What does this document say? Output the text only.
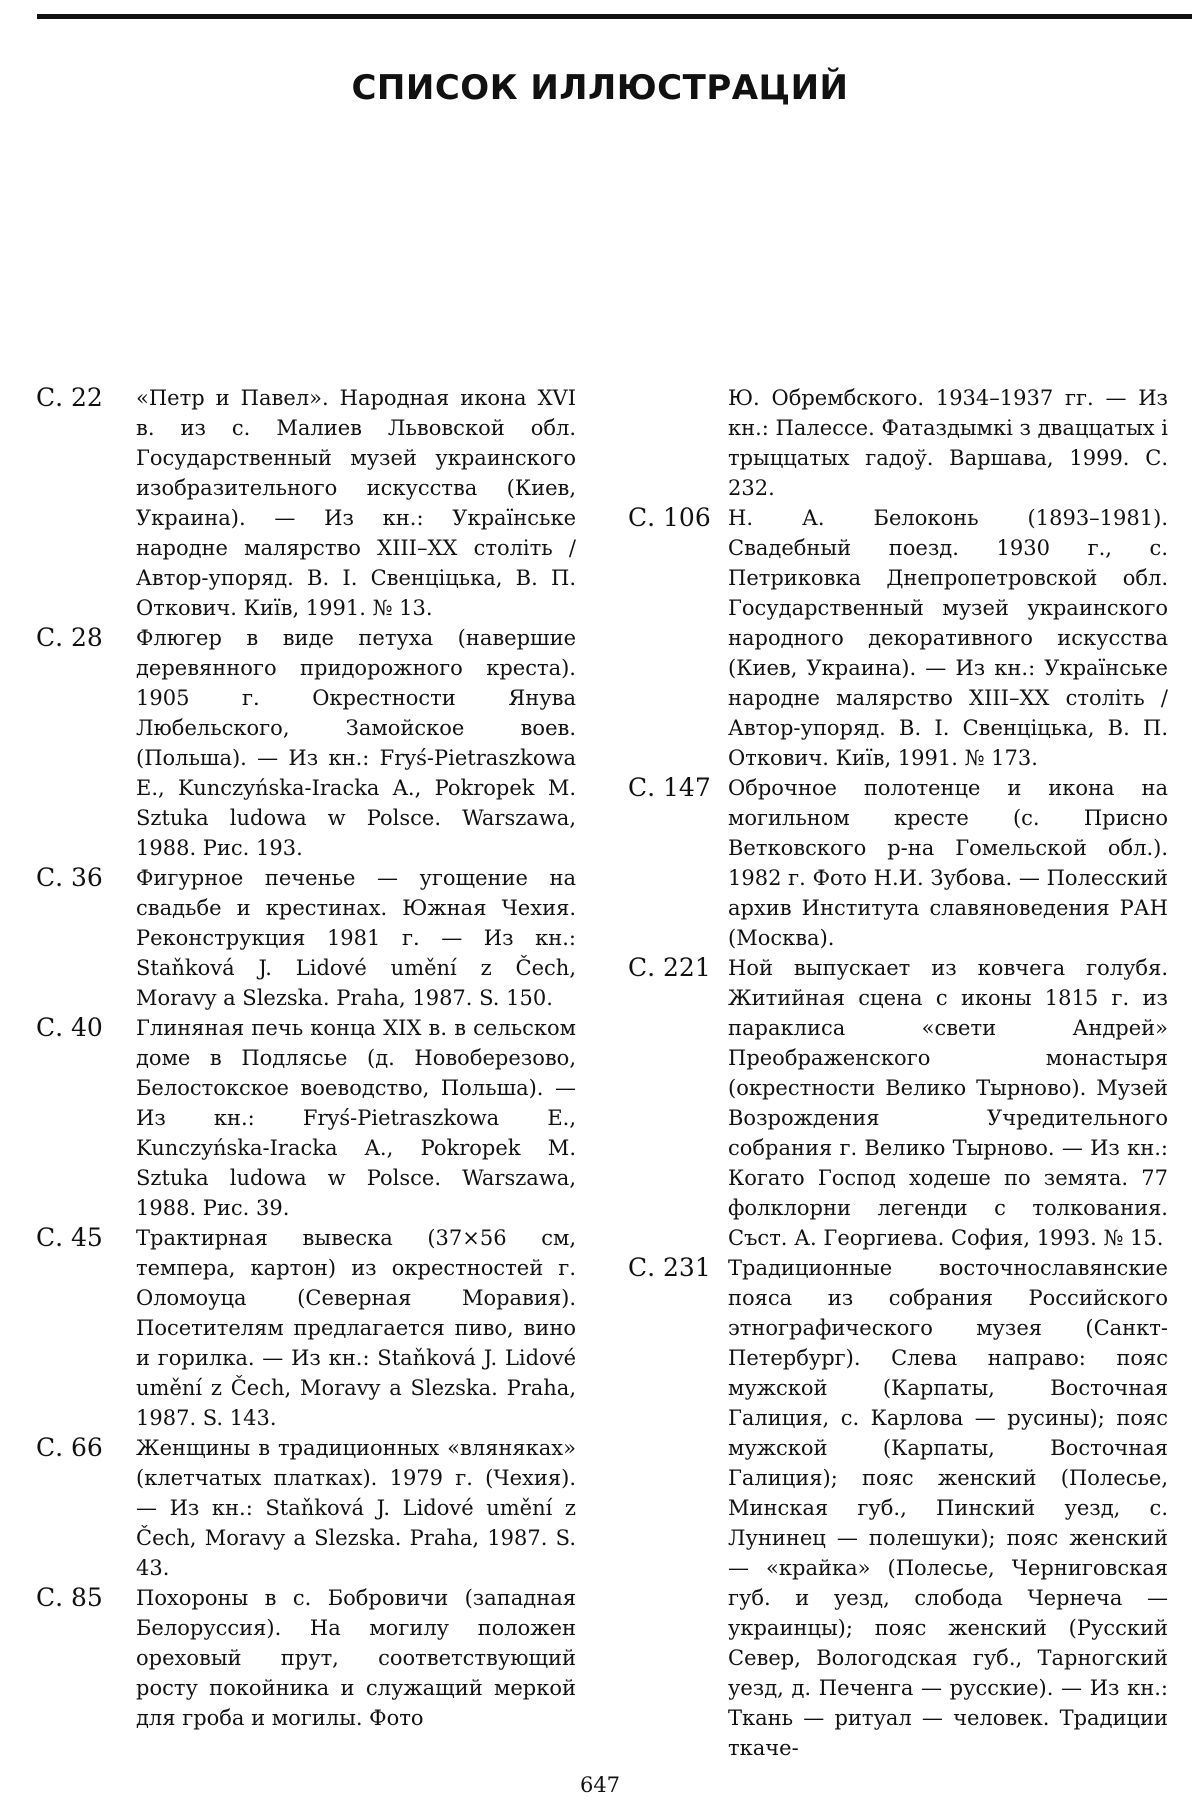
СПИСОК ИЛЛЮСТРАЦИЙ
С. 22	«Петр и Павел». Народная икона XVI в. из с. Малиев Львовской обл. Государственный музей украинского изобразительного искусства (Киев, Украина). — Из кн.: Українське народне малярство XIII–XX століть / Автор-упоряд. В. І. Свенціцька, В. П. Откович. Київ, 1991. № 13.
С. 28	Флюгер в виде петуха (навершие деревянного придорожного креста). 1905 г. Окрестности Янува Любельского, Замойское воев. (Польша). — Из кн.: Fryś-Pietraszkowa E., Kunczyńska-Iracka A., Pokropek M. Sztuka ludowa w Polsce. Warszawa, 1988. Рис. 193.
С. 36	Фигурное печенье — угощение на свадьбе и крестинах. Южная Чехия. Реконструкция 1981 г. — Из кн.: Staňková J. Lidové umění z Čech, Moravy a Slezska. Praha, 1987. S. 150.
С. 40	Глиняная печь конца XIX в. в сельском доме в Подлясье (д. Новоберезово, Белостокское воеводство, Польша). — Из кн.: Fryś-Pietraszkowa E., Kunczyńska-Iracka A., Pokropek M. Sztuka ludowa w Polsce. Warszawa, 1988. Рис. 39.
С. 45	Трактирная вывеска (37×56 см, темпера, картон) из окрестностей г. Оломоуца (Северная Моравия). Посетителям предлагается пиво, вино и горилка. — Из кн.: Staňková J. Lidové umění z Čech, Moravy a Slezska. Praha, 1987. S. 143.
С. 66	Женщины в традиционных «вляняках» (клетчатых платках). 1979 г. (Чехия). — Из кн.: Staňková J. Lidové umění z Čech, Moravy a Slezska. Praha, 1987. S. 43.
С. 85	Похороны в с. Бобровичи (западная Белоруссия). На могилу положен ореховый прут, соответствующий росту покойника и служащий меркой для гроба и могилы. Фото
Ю. Обрембского. 1934–1937 гг. — Из кн.: Палессе. Фатаздымкі з дваццатых і трыццатых гадоў. Варшава, 1999. С. 232.
С. 106 Н. А. Белоконь (1893–1981). Свадебный поезд. 1930 г., с. Петриковка Днепропетровской обл. Государственный музей украинского народного декоративного искусства (Киев, Украина). — Из кн.: Українське народне малярство XIII–XX століть / Автор-упоряд. В. І. Свенціцька, В. П. Откович. Київ, 1991. № 173.
С. 147 Оброчное полотенце и икона на могильном кресте (с. Присно Ветковского р-на Гомельской обл.). 1982 г. Фото Н.И. Зубова. — Полесский архив Института славяноведения РАН (Москва).
С. 221 Ной выпускает из ковчега голубя. Житийная сцена с иконы 1815 г. из параклиса «свети Андрей» Преображенского монастыря (окрестности Велико Тырново). Музей Возрождения Учредительного собрания г. Велико Тырново. — Из кн.: Когато Господ ходеше по земята. 77 фолклорни легенди с толкования. Съст. А. Георгиева. София, 1993. № 15.
С. 231 Традиционные восточнославянские пояса из собрания Российского этнографического музея (Санкт-Петербург). Слева направо: пояс мужской (Карпаты, Восточная Галиция, с. Карлова — русины); пояс мужской (Карпаты, Восточная Галиция); пояс женский (Полесье, Минская губ., Пинский уезд, с. Лунинец — полешуки); пояс женский — «крайка» (Полесье, Черниговская губ. и уезд, слобода Чернеча — украинцы); пояс женский (Русский Север, Вологодская губ., Тарногский уезд, д. Печенга — русские). — Из кн.: Ткань — ритуал — человек. Традиции ткаче-
647
